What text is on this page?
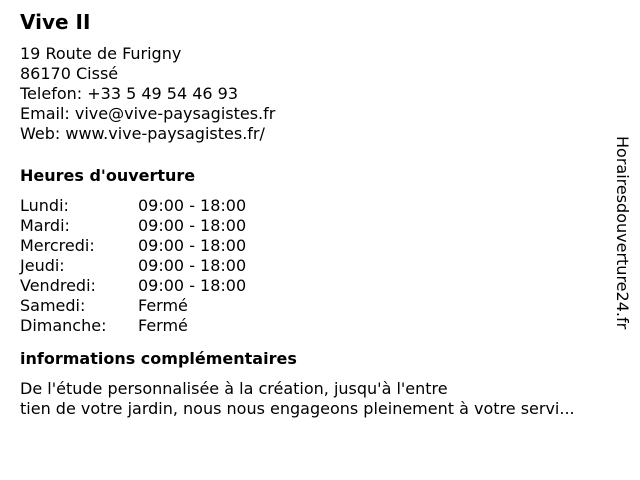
Vive II
19 Route de Furigny
86170 Cissé
Telefon: +33 5 49 54 46 93
Email: vive@vive-paysagistes.fr
Web: www.vive-paysagistes.fr/
Heures d'ouverture
Lundi:	09:00 - 18:00
Mardi:	09:00 - 18:00
Mercredi:	09:00 - 18:00
Jeudi:	09:00 - 18:00
Vendredi:	09:00 - 18:00
Samedi:	Fermé
Dimanche:	Fermé
informations complémentaires
De l'étude personnalisée à la création, jusqu'à l'entre
tien de votre jardin, nous nous engageons pleinement à votre servi...
Horairesdouverture24.fr
